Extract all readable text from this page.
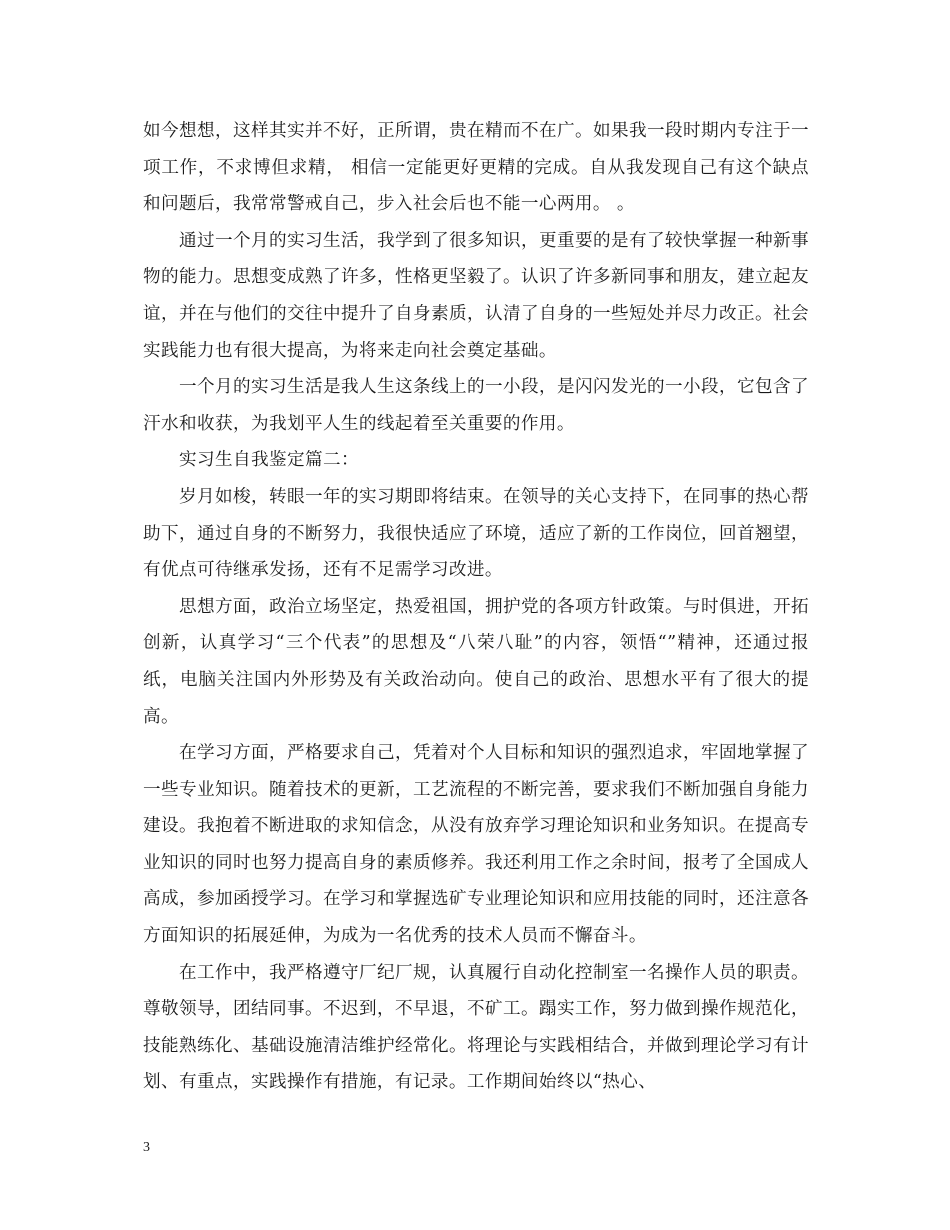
如今想想，这样其实并不好，正所谓，贵在精而不在广。如果我一段时期内专注于一项工作，不求博但求精， 相信一定能更好更精的完成。自从我发现自己有这个缺点和问题后，我常常警戒自己，步入社会后也不能一心两用。 。

通过一个月的实习生活，我学到了很多知识，更重要的是有了较快掌握一种新事物的能力。思想变成熟了许多，性格更坚毅了。认识了许多新同事和朋友，建立起友谊，并在与他们的交往中提升了自身素质，认清了自身的一些短处并尽力改正。社会实践能力也有很大提高，为将来走向社会奠定基础。

一个月的实习生活是我人生这条线上的一小段，是闪闪发光的一小段，它包含了汗水和收获，为我划平人生的线起着至关重要的作用。

实习生自我鉴定篇二：

岁月如梭，转眼一年的实习期即将结束。在领导的关心支持下，在同事的热心帮助下，通过自身的不断努力，我很快适应了环境，适应了新的工作岗位，回首翘望，有优点可待继承发扬，还有不足需学习改进。

思想方面，政治立场坚定，热爱祖国，拥护党的各项方针政策。与时俱进，开拓创新，认真学习“三个代表”的思想及“八荣八耻”的内容，领悟“”精神，还通过报纸，电脑关注国内外形势及有关政治动向。使自己的政治、思想水平有了很大的提高。

在学习方面，严格要求自己，凭着对个人目标和知识的强烈追求，牢固地掌握了一些专业知识。随着技术的更新，工艺流程的不断完善，要求我们不断加强自身能力建设。我抱着不断进取的求知信念，从没有放弃学习理论知识和业务知识。在提高专业知识的同时也努力提高自身的素质修养。我还利用工作之余时间，报考了全国成人高成，参加函授学习。在学习和掌握选矿专业理论知识和应用技能的同时，还注意各方面知识的拓展延伸，为成为一名优秀的技术人员而不懈奋斗。

在工作中，我严格遵守厂纪厂规，认真履行自动化控制室一名操作人员的职责。尊敬领导，团结同事。不迟到，不早退，不矿工。蹋实工作，努力做到操作规范化，技能熟练化、基础设施清洁维护经常化。将理论与实践相结合，并做到理论学习有计划、有重点，实践操作有措施，有记录。工作期间始终以“热心、

3
